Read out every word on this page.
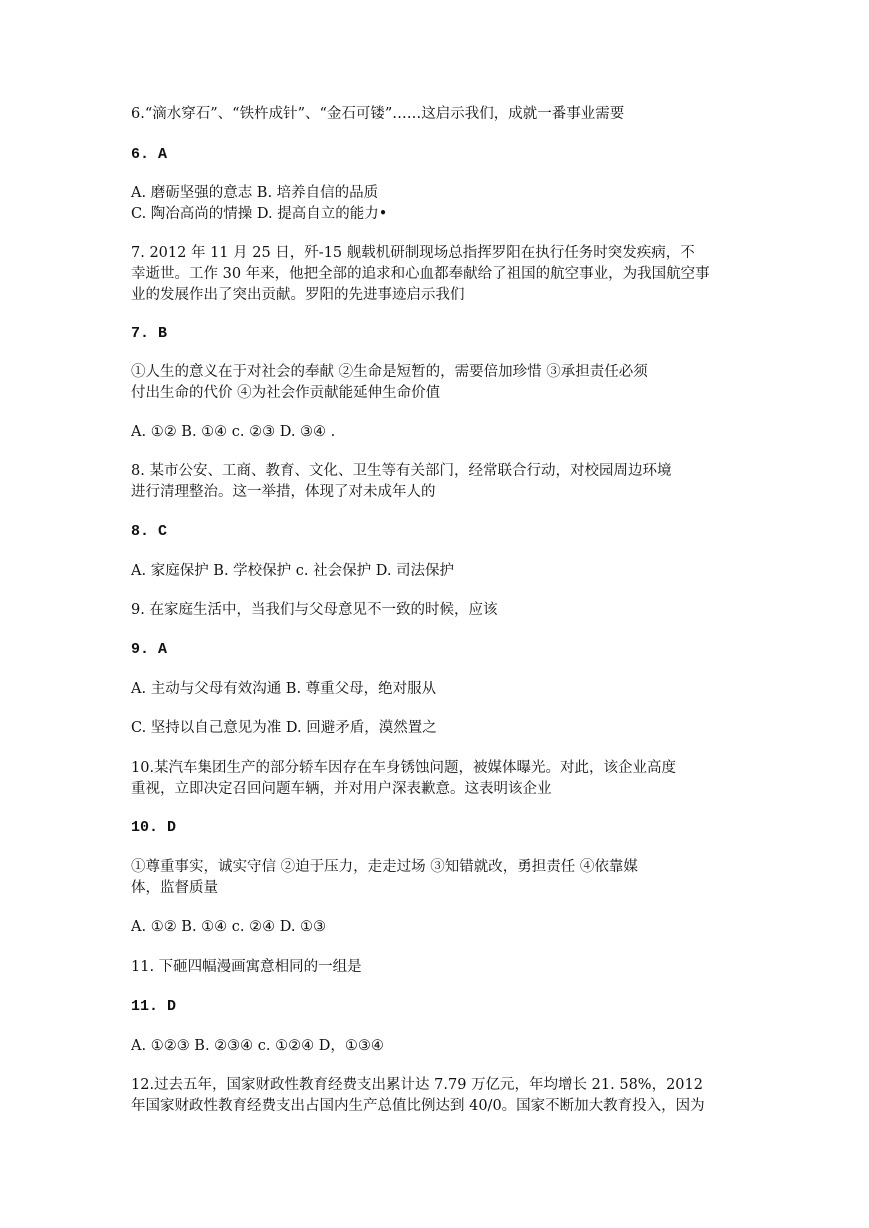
6.“滴水穿石”、“铁杵成针”、“金石可镂”……这启示我们，成就一番事业需要
6. A
A. 磨砺坚强的意志 B. 培养自信的品质
C. 陶冶高尚的情操 D. 提高自立的能力•
7. 2012 年 11 月 25 日，歼-15 舰载机研制现场总指挥罗阳在执行任务时突发疾病，不
幸逝世。工作 30 年来，他把全部的追求和心血都奉献给了祖国的航空事业，为我国航空事
业的发展作出了突出贡献。罗阳的先进事迹启示我们
7. B
①人生的意义在于对社会的奉献 ②生命是短暂的，需要倍加珍惜 ③承担责任必须
付出生命的代价 ④为社会作贡献能延伸生命价值
A. ①② B. ①④ c. ②③ D. ③④ .
8. 某市公安、工商、教育、文化、卫生等有关部门，经常联合行动，对校园周边环境
进行清理整治。这一举措，体现了对未成年人的
8. C
A. 家庭保护 B. 学校保护 c. 社会保护 D. 司法保护
9. 在家庭生活中，当我们与父母意见不一致的时候，应该
9. A
A. 主动与父母有效沟通 B. 尊重父母，绝对服从
C. 坚持以自己意见为准 D. 回避矛盾，漠然置之
10.某汽车集团生产的部分轿车因存在车身锈蚀问题，被媒体曝光。对此，该企业高度
重视，立即决定召回问题车辆，并对用户深表歉意。这表明该企业
10. D
①尊重事实，诚实守信 ②迫于压力，走走过场 ③知错就改，勇担责任 ④依靠媒
体，监督质量
A. ①② B. ①④ c. ②④ D. ①③
11. 下砸四幅漫画寓意相同的一组是
11. D
A. ①②③ B. ②③④ c. ①②④ D，①③④
12.过去五年，国家财政性教育经费支出累计达 7.79 万亿元，年均增长 21. 58%，2012
年国家财政性教育经费支出占国内生产总值比例达到 40/0。国家不断加大教育投入，因为
